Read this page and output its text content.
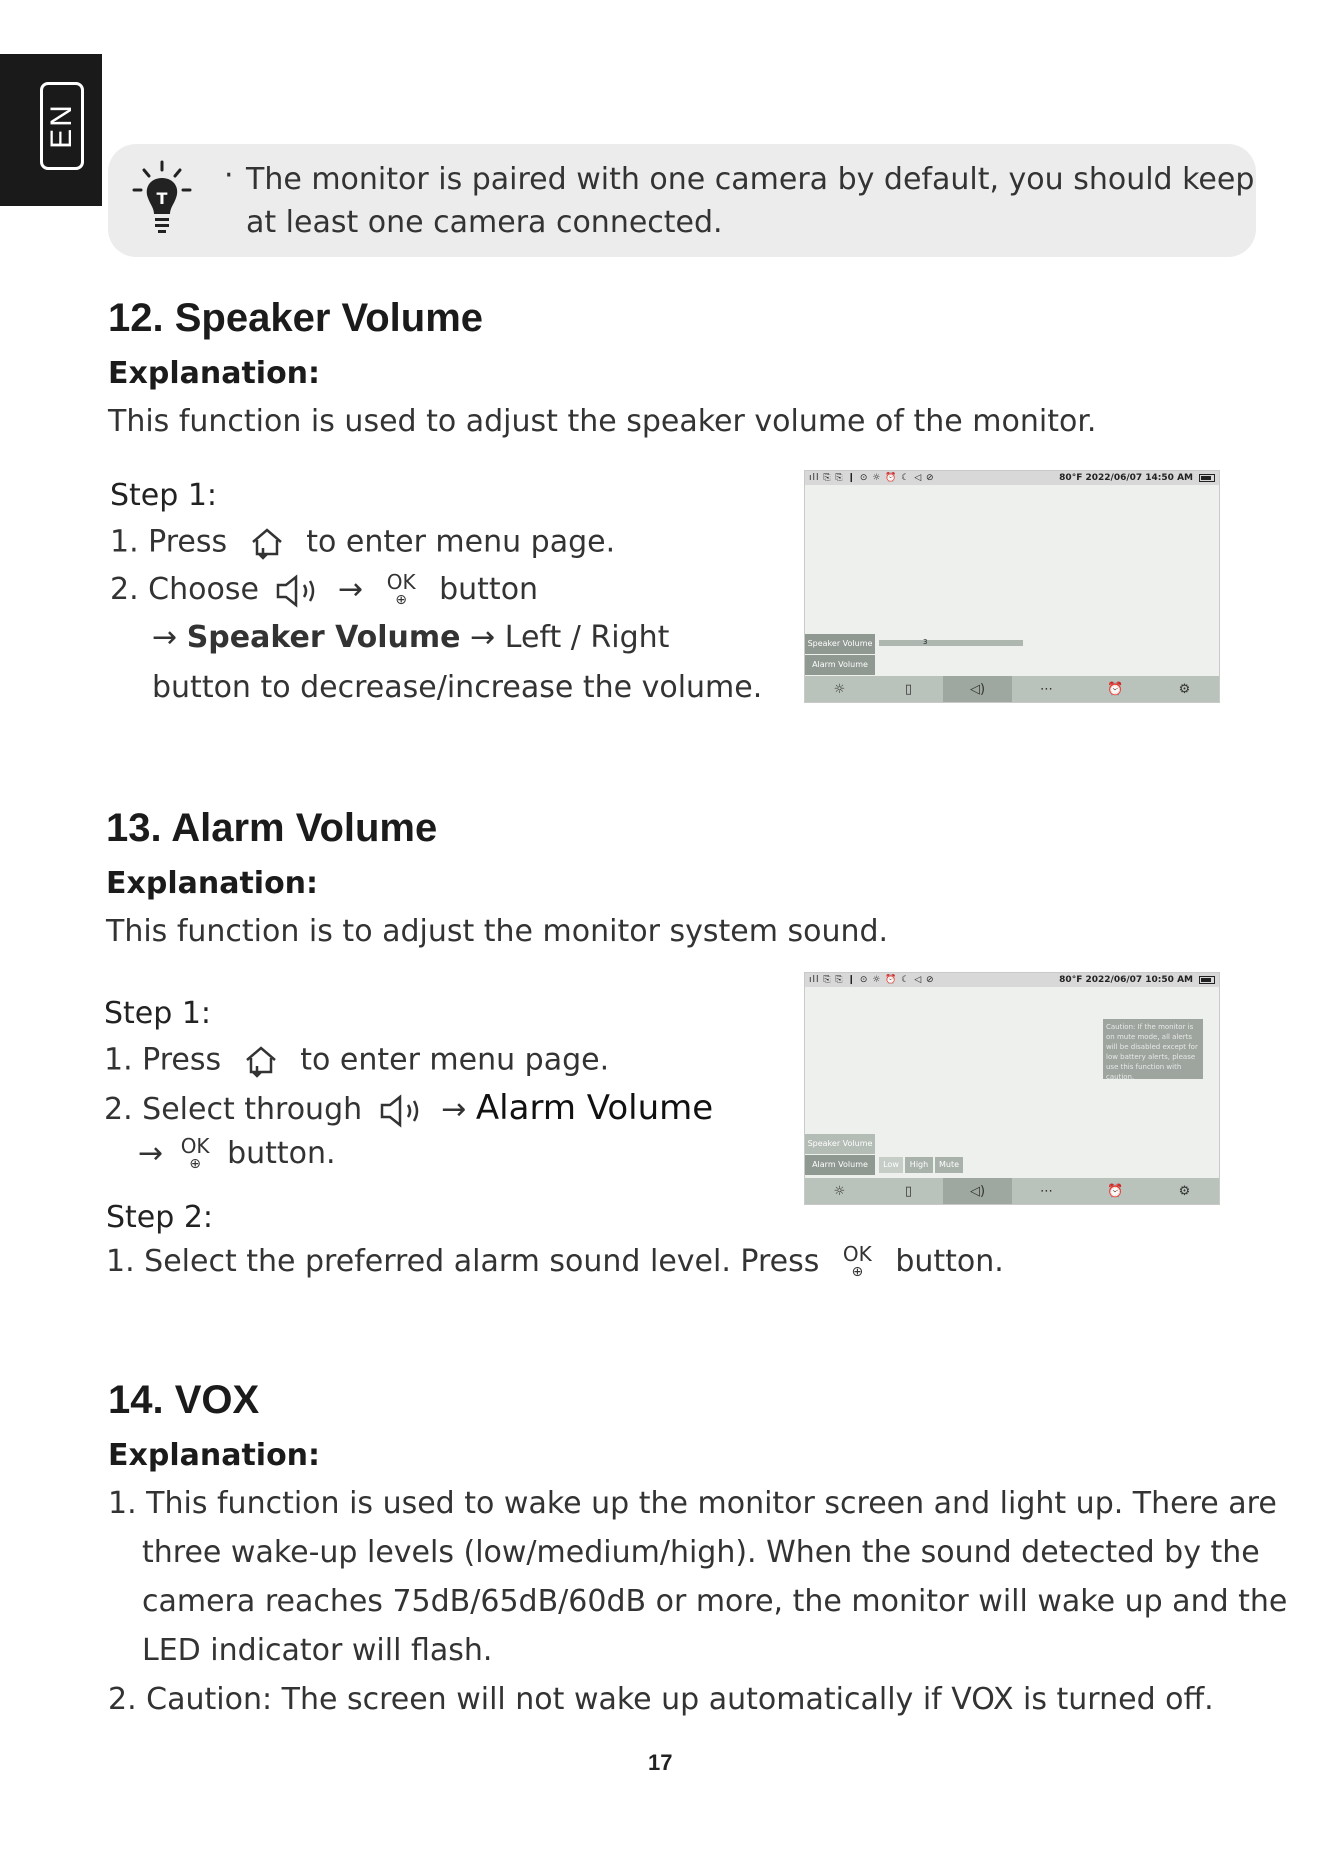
EN
T
· The monitor is paired with one camera by default, you should keep at least one camera connected.
12. Speaker Volume
Explanation:
This function is used to adjust the speaker volume of the monitor.
Step 1:
1. Press	to enter menu page.
2. Choose	→ OK
⊕ button
→ Speaker Volume → Left / Right
button to decrease/increase the volume.
ıll ⎘ ⎘ ❙ ⊙ ☼ ⏰ ☾ ◁ ⊘	80°F 2022/06/07 14:50 AM
Speaker Volume
Alarm Volume
3
☼	▯	◁)	⋯	⏰	⚙
13. Alarm Volume
Explanation:
This function is to adjust the monitor system sound.
Step 1:
1. Press	to enter menu page.
2. Select through	→ Alarm Volume
→ OK
⊕ button.
Step 2:
1. Select the preferred alarm sound level. Press OK
⊕ button.
ıll ⎘ ⎘ ❙ ⊙ ☼ ⏰ ☾ ◁ ⊘	80°F 2022/06/07 10:50 AM
Caution: If the monitor is on mute mode, all alerts will be disabled except for low battery alerts, please use this function with caution.
Speaker Volume
Alarm Volume	Low	High	Mute
☼	▯	◁)	⋯	⏰	⚙
14. VOX
Explanation:
1. This function is used to wake up the monitor screen and light up. There are
three wake-up levels (low/medium/high). When the sound detected by the
camera reaches 75dB/65dB/60dB or more, the monitor will wake up and the
LED indicator will flash.
2. Caution: The screen will not wake up automatically if VOX is turned off.
17
